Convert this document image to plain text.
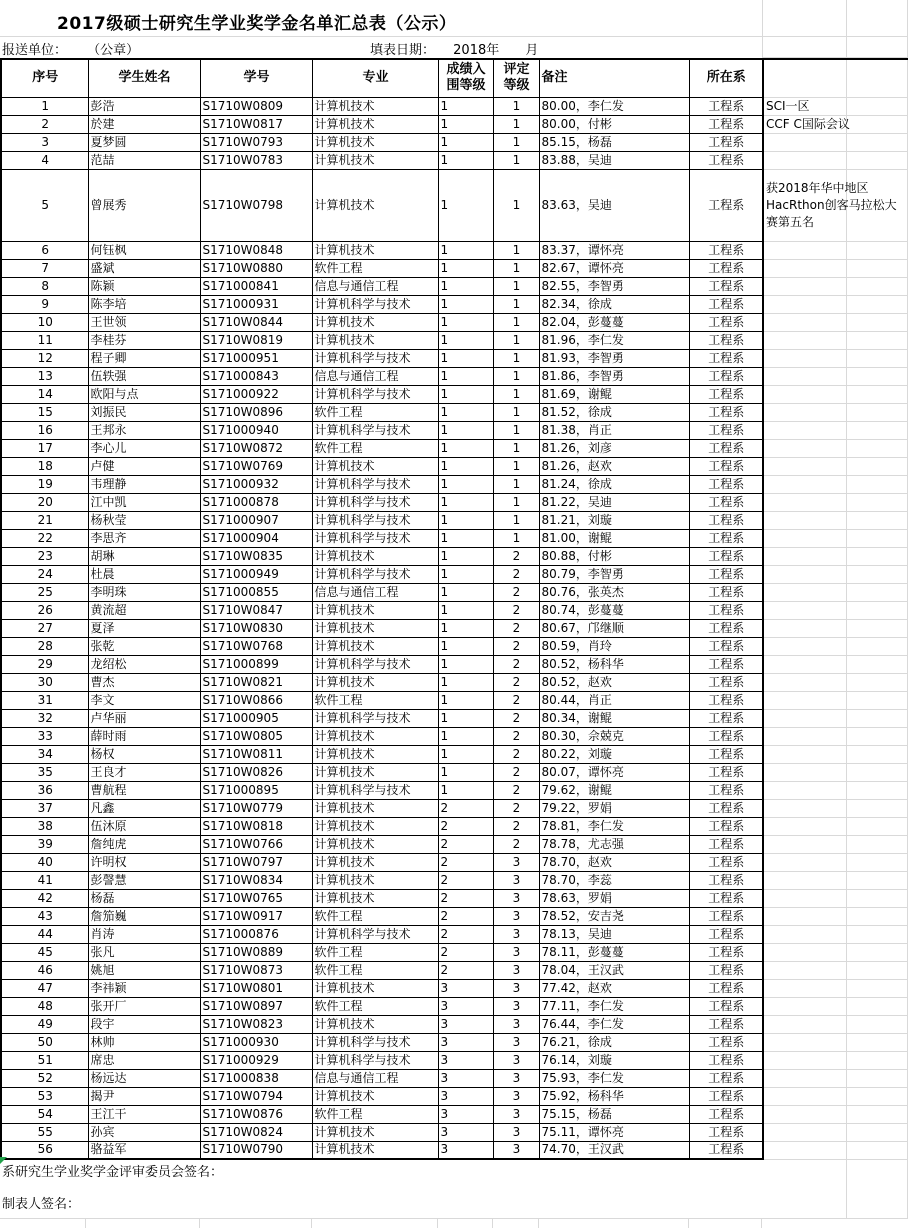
2017级硕士研究生学业奖学金名单汇总表（公示）
报送单位： （公章）	填表日期： 2018年 月
序号	学生姓名	学号	专业	成绩入围等级	评定等级	备注	所在系	
1	彭浩	S1710W0809	计算机技术	1	1	80.00，李仁发	工程系	SCI一区
2	於建	S1710W0817	计算机技术	1	1	80.00，付彬	工程系	CCF C国际会议
3	夏梦圆	S1710W0793	计算机技术	1	1	85.15，杨磊	工程系	
4	范喆	S1710W0783	计算机技术	1	1	83.88，吴迪	工程系	
5	曾展秀	S1710W0798	计算机技术	1	1	83.63，吴迪	工程系	获2018年华中地区HacRthon创客马拉松大赛第五名
6	何钰枫	S1710W0848	计算机技术	1	1	83.37，谭怀亮	工程系	
7	盛斌	S1710W0880	软件工程	1	1	82.67，谭怀亮	工程系	
8	陈颖	S171000841	信息与通信工程	1	1	82.55，李智勇	工程系	
9	陈李培	S171000931	计算机科学与技术	1	1	82.34，徐成	工程系	
10	王世领	S1710W0844	计算机技术	1	1	82.04，彭蔓蔓	工程系	
11	李桂芬	S1710W0819	计算机技术	1	1	81.96，李仁发	工程系	
12	程子卿	S171000951	计算机科学与技术	1	1	81.93，李智勇	工程系	
13	伍轶强	S171000843	信息与通信工程	1	1	81.86，李智勇	工程系	
14	欧阳与点	S171000922	计算机科学与技术	1	1	81.69，谢鲲	工程系	
15	刘振民	S1710W0896	软件工程	1	1	81.52，徐成	工程系	
16	王邦永	S171000940	计算机科学与技术	1	1	81.38，肖正	工程系	
17	李心儿	S1710W0872	软件工程	1	1	81.26，刘彦	工程系	
18	卢健	S1710W0769	计算机技术	1	1	81.26，赵欢	工程系	
19	韦理静	S171000932	计算机科学与技术	1	1	81.24，徐成	工程系	
20	江中凯	S171000878	计算机科学与技术	1	1	81.22，吴迪	工程系	
21	杨秋莹	S171000907	计算机科学与技术	1	1	81.21，刘璇	工程系	
22	李思齐	S171000904	计算机科学与技术	1	1	81.00，谢鲲	工程系	
23	胡琳	S1710W0835	计算机技术	1	2	80.88，付彬	工程系	
24	杜晨	S171000949	计算机科学与技术	1	2	80.79，李智勇	工程系	
25	李明珠	S171000855	信息与通信工程	1	2	80.76，张英杰	工程系	
26	黄流超	S1710W0847	计算机技术	1	2	80.74，彭蔓蔓	工程系	
27	夏泽	S1710W0830	计算机技术	1	2	80.67，邝继顺	工程系	
28	张乾	S1710W0768	计算机技术	1	2	80.59，肖玲	工程系	
29	龙绍松	S171000899	计算机科学与技术	1	2	80.52，杨科华	工程系	
30	曹杰	S1710W0821	计算机技术	1	2	80.52，赵欢	工程系	
31	李文	S1710W0866	软件工程	1	2	80.44，肖正	工程系	
32	卢华丽	S171000905	计算机科学与技术	1	2	80.34，谢鲲	工程系	
33	薛时雨	S1710W0805	计算机技术	1	2	80.30，佘兢克	工程系	
34	杨权	S1710W0811	计算机技术	1	2	80.22，刘璇	工程系	
35	王良才	S1710W0826	计算机技术	1	2	80.07，谭怀亮	工程系	
36	曹航程	S171000895	计算机科学与技术	1	2	79.62，谢鲲	工程系	
37	凡鑫	S1710W0779	计算机技术	2	2	79.22，罗娟	工程系	
38	伍沐原	S1710W0818	计算机技术	2	2	78.81，李仁发	工程系	
39	詹纯虎	S1710W0766	计算机技术	2	2	78.78，尤志强	工程系	
40	许明权	S1710W0797	计算机技术	2	3	78.70，赵欢	工程系	
41	彭謦慧	S1710W0834	计算机技术	2	3	78.70，李蕊	工程系	
42	杨磊	S1710W0765	计算机技术	2	3	78.63，罗娟	工程系	
43	詹笳巍	S1710W0917	软件工程	2	3	78.52，安吉尧	工程系	
44	肖涛	S171000876	计算机科学与技术	2	3	78.13，吴迪	工程系	
45	张凡	S1710W0889	软件工程	2	3	78.11，彭蔓蔓	工程系	
46	姚旭	S1710W0873	软件工程	2	3	78.04，王汉武	工程系	
47	李祎颖	S1710W0801	计算机技术	3	3	77.42，赵欢	工程系	
48	张开厂	S1710W0897	软件工程	3	3	77.11，李仁发	工程系	
49	段宇	S1710W0823	计算机技术	3	3	76.44，李仁发	工程系	
50	林帅	S171000930	计算机科学与技术	3	3	76.21，徐成	工程系	
51	席忠	S171000929	计算机科学与技术	3	3	76.14，刘璇	工程系	
52	杨远达	S171000838	信息与通信工程	3	3	75.93，李仁发	工程系	
53	揭尹	S1710W0794	计算机技术	3	3	75.92，杨科华	工程系	
54	王江干	S1710W0876	软件工程	3	3	75.15，杨磊	工程系	
55	孙宾	S1710W0824	计算机技术	3	3	75.11，谭怀亮	工程系	
56	骆益军	S1710W0790	计算机技术	3	3	74.70，王汉武	工程系	
系研究生学业奖学金评审委员会签名：
制表人签名：
